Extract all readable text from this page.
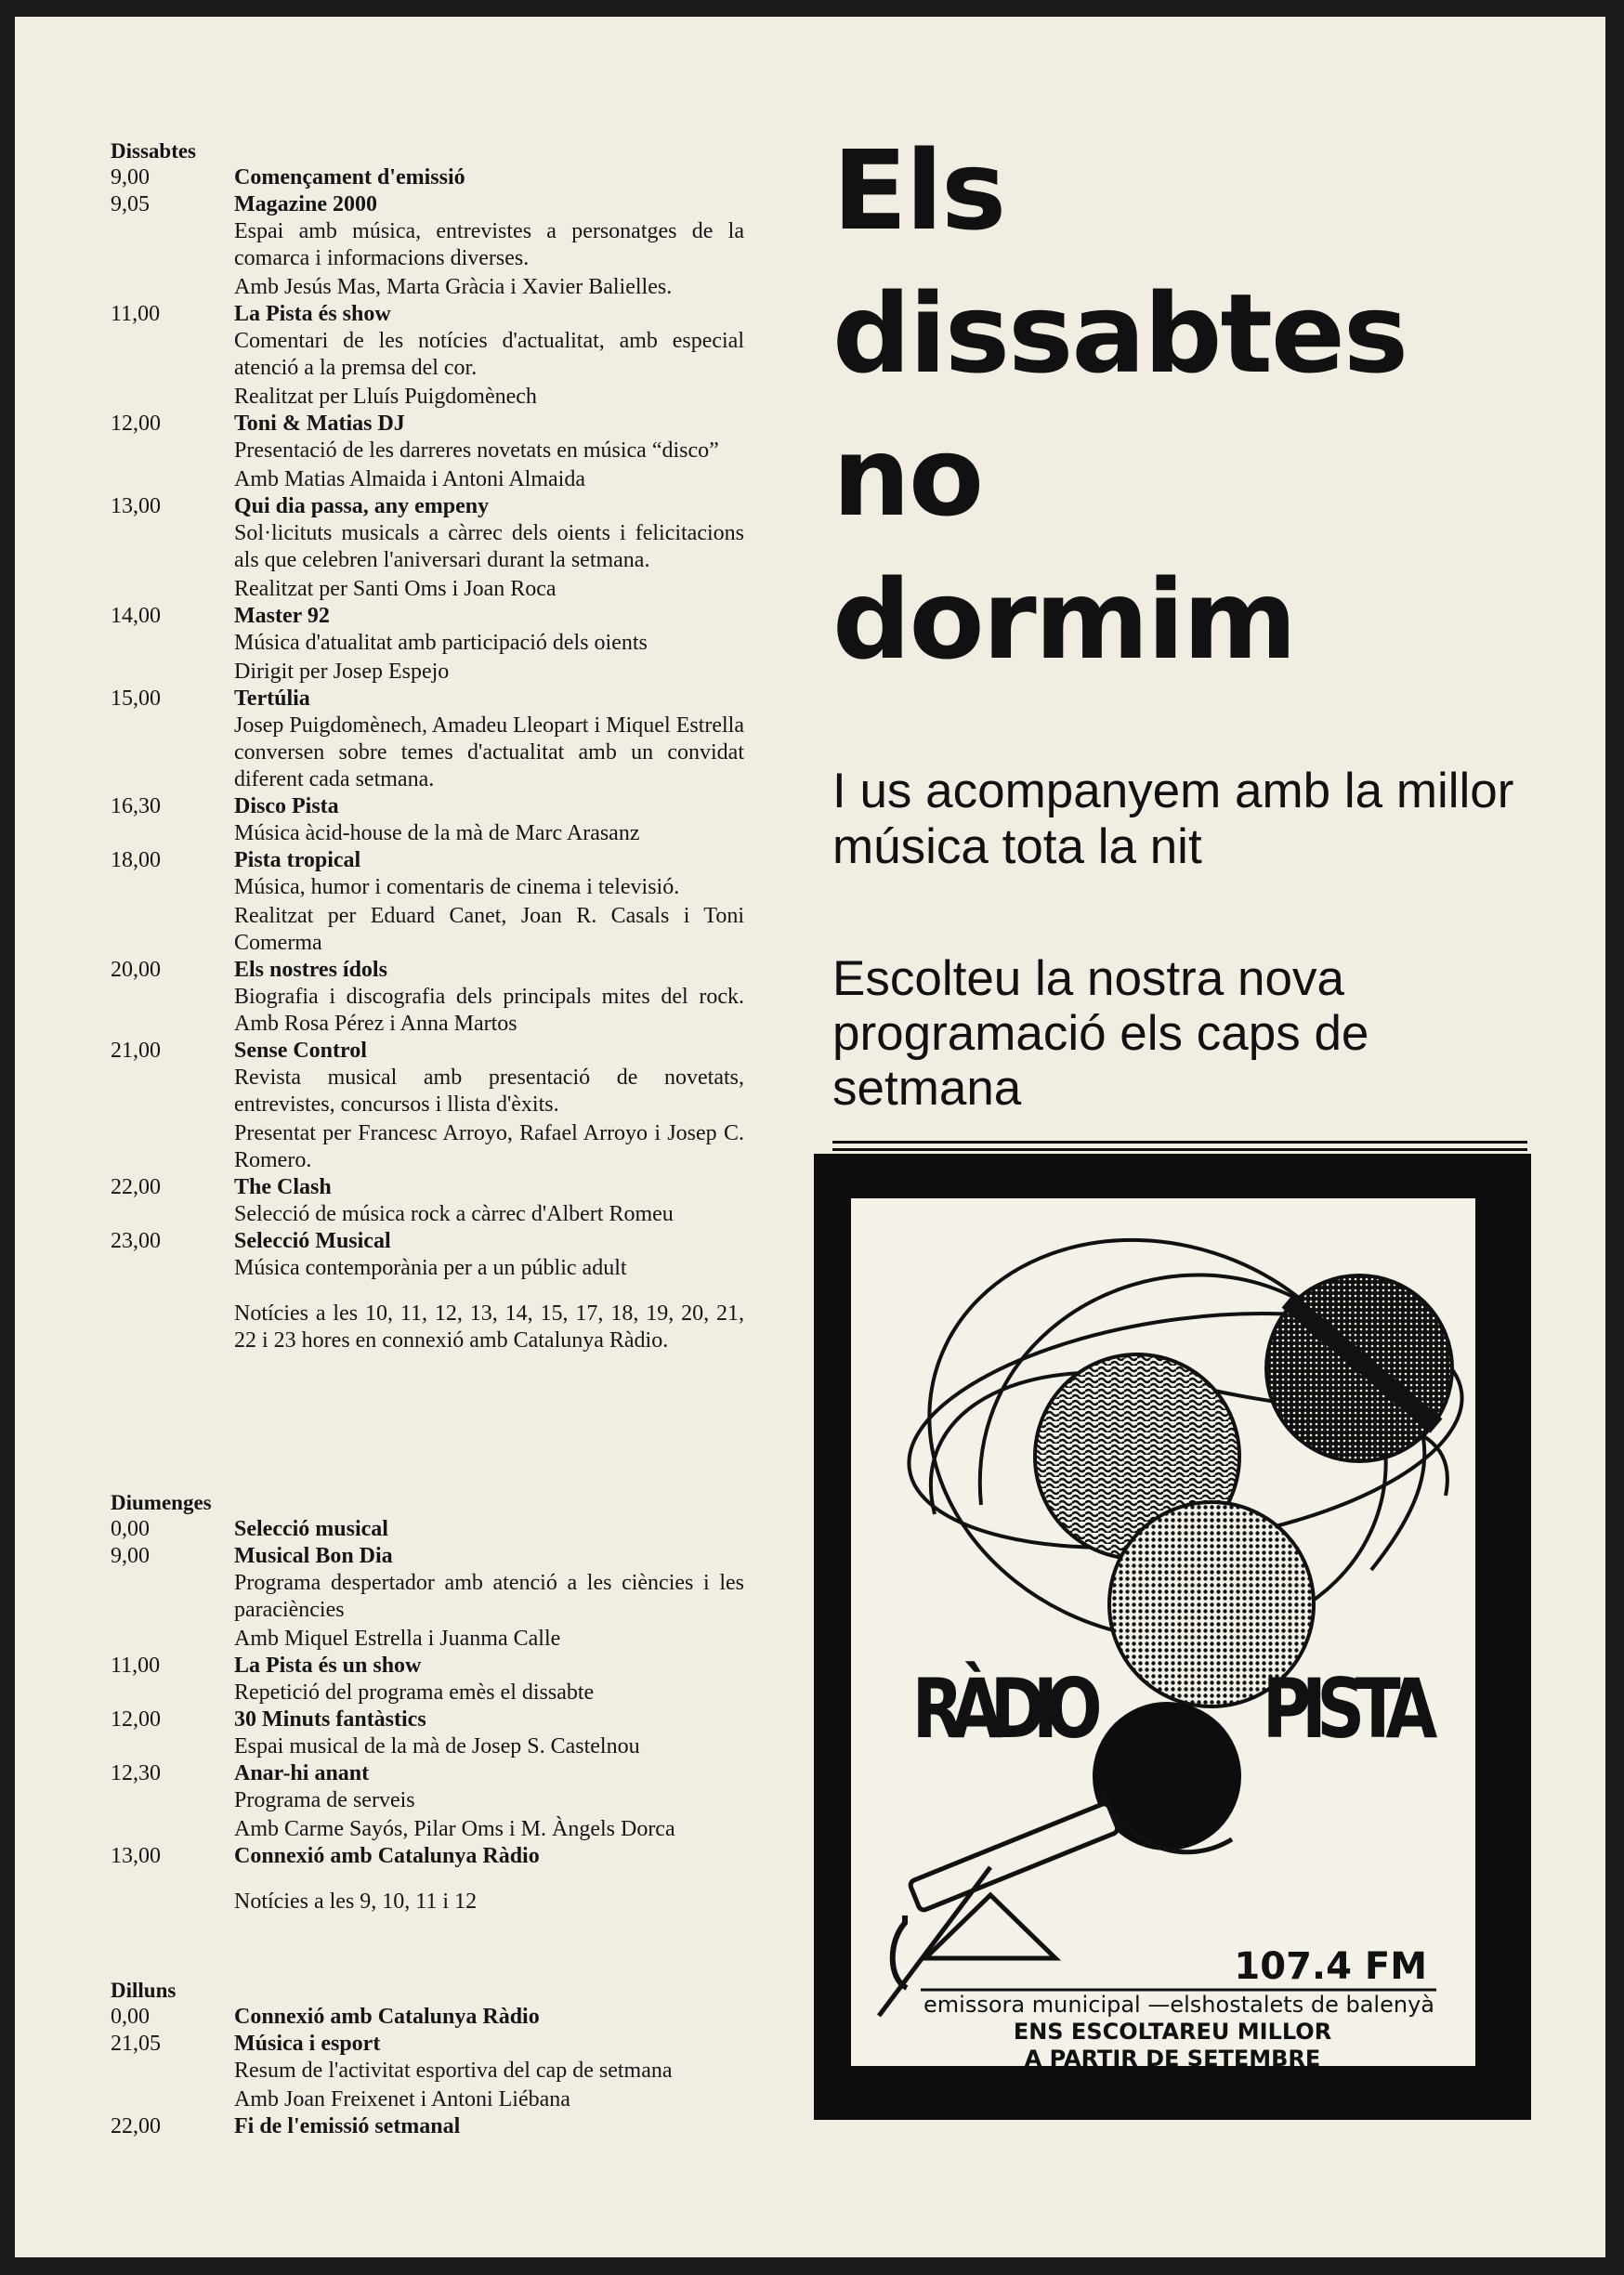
Dissabtes
9,00	Començament d'emissió
9,05	Magazine 2000
Espai amb música, entrevistes a personatges de la comarca i informacions diverses.
Amb Jesús Mas, Marta Gràcia i Xavier Balielles.
11,00	La Pista és show
Comentari de les notícies d'actualitat, amb especial atenció a la premsa del cor.
Realitzat per Lluís Puigdomènech
12,00	Toni & Matias DJ
Presentació de les darreres novetats en música “disco”
Amb Matias Almaida i Antoni Almaida
13,00	Qui dia passa, any empeny
Sol·licituts musicals a càrrec dels oients i felicitacions als que celebren l'aniversari durant la setmana.
Realitzat per Santi Oms i Joan Roca
14,00	Master 92
Música d'atualitat amb participació dels oients
Dirigit per Josep Espejo
15,00	Tertúlia
Josep Puigdomènech, Amadeu Lleopart i Miquel Estrella conversen sobre temes d'actualitat amb un convidat diferent cada setmana.
16,30	Disco Pista
Música àcid-house de la mà de Marc Arasanz
18,00	Pista tropical
Música, humor i comentaris de cinema i televisió.
Realitzat per Eduard Canet, Joan R. Casals i Toni Comerma
20,00	Els nostres ídols
Biografia i discografia dels principals mites del rock. Amb Rosa Pérez i Anna Martos
21,00	Sense Control
Revista musical amb presentació de novetats, entrevistes, concursos i llista d'èxits.
Presentat per Francesc Arroyo, Rafael Arroyo i Josep C. Romero.
22,00	The Clash
Selecció de música rock a càrrec d'Albert Romeu
23,00	Selecció Musical
Música contemporània per a un públic adult
Notícies a les 10, 11, 12, 13, 14, 15, 17, 18, 19, 20, 21, 22 i 23 hores en connexió amb Catalunya Ràdio.
Diumenges
0,00	Selecció musical
9,00	Musical Bon Dia
Programa despertador amb atenció a les ciències i les paraciències
Amb Miquel Estrella i Juanma Calle
11,00	La Pista és un show
Repetició del programa emès el dissabte
12,00	30 Minuts fantàstics
Espai musical de la mà de Josep S. Castelnou
12,30	Anar-hi anant
Programa de serveis
Amb Carme Sayós, Pilar Oms i M. Àngels Dorca
13,00	Connexió amb Catalunya Ràdio
Notícies a les 9, 10, 11 i 12
Dilluns
0,00	Connexió amb Catalunya Ràdio
21,05	Música i esport
Resum de l'activitat esportiva del cap de setmana
Amb Joan Freixenet i Antoni Liébana
22,00	Fi de l'emissió setmanal
Els
dissabtes
no
dormim
I us acompanyem amb la millor música tota la nit
Escolteu la nostra nova programació els caps de setmana
RÀDIO PISTA
107.4 FM
emissora municipal —elshostalets de balenyà
ENS ESCOLTAREU MILLOR
A PARTIR DE SETEMBRE
